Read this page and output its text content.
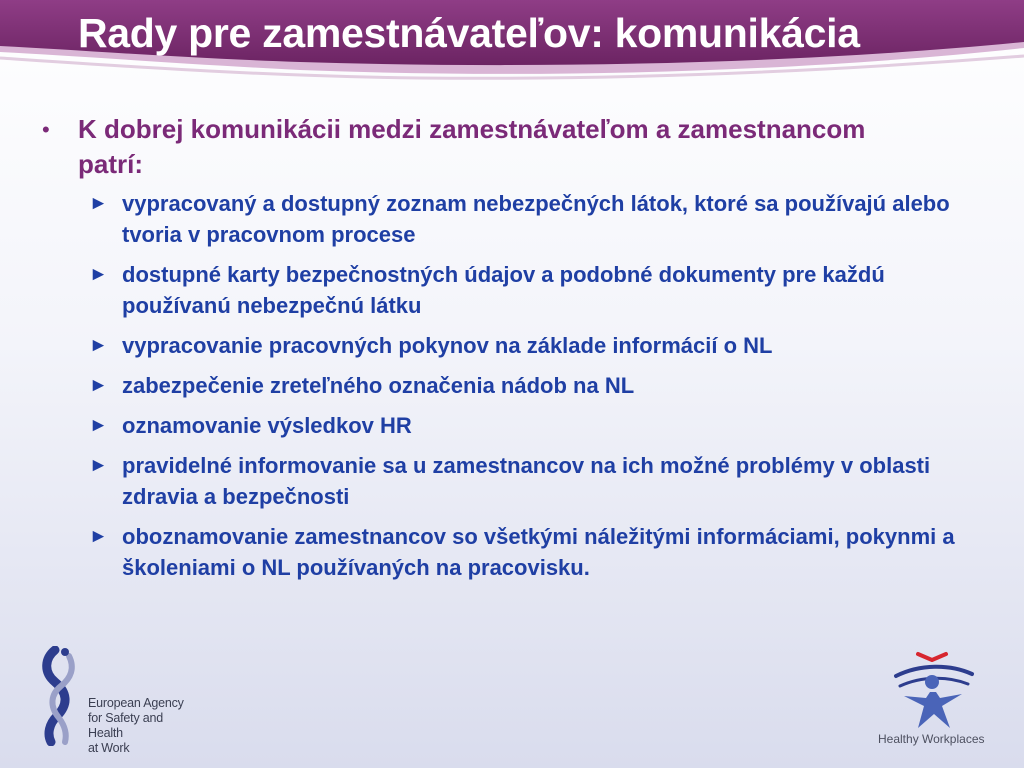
Rady pre zamestnávateľov: komunikácia
•	K dobrej komunikácii medzi zamestnávateľom a zamestnancom patrí:
► vypracovaný a dostupný zoznam nebezpečných látok, ktoré sa používajú alebo tvoria v pracovnom procese
► dostupné karty bezpečnostných údajov a podobné dokumenty pre každú používanú nebezpečnú látku
► vypracovanie pracovných pokynov na základe informácií o NL
► zabezpečenie zreteľného označenia nádob na NL
► oznamovanie výsledkov HR
► pravidelné informovanie sa u zamestnancov na ich možné problémy v oblasti zdravia a bezpečnosti
► oboznamovanie zamestnancov so všetkými náležitými informáciami, pokynmi a školeniami o NL používaných na pracovisku.
European Agency
for Safety and Health
at Work
Healthy Workplaces
